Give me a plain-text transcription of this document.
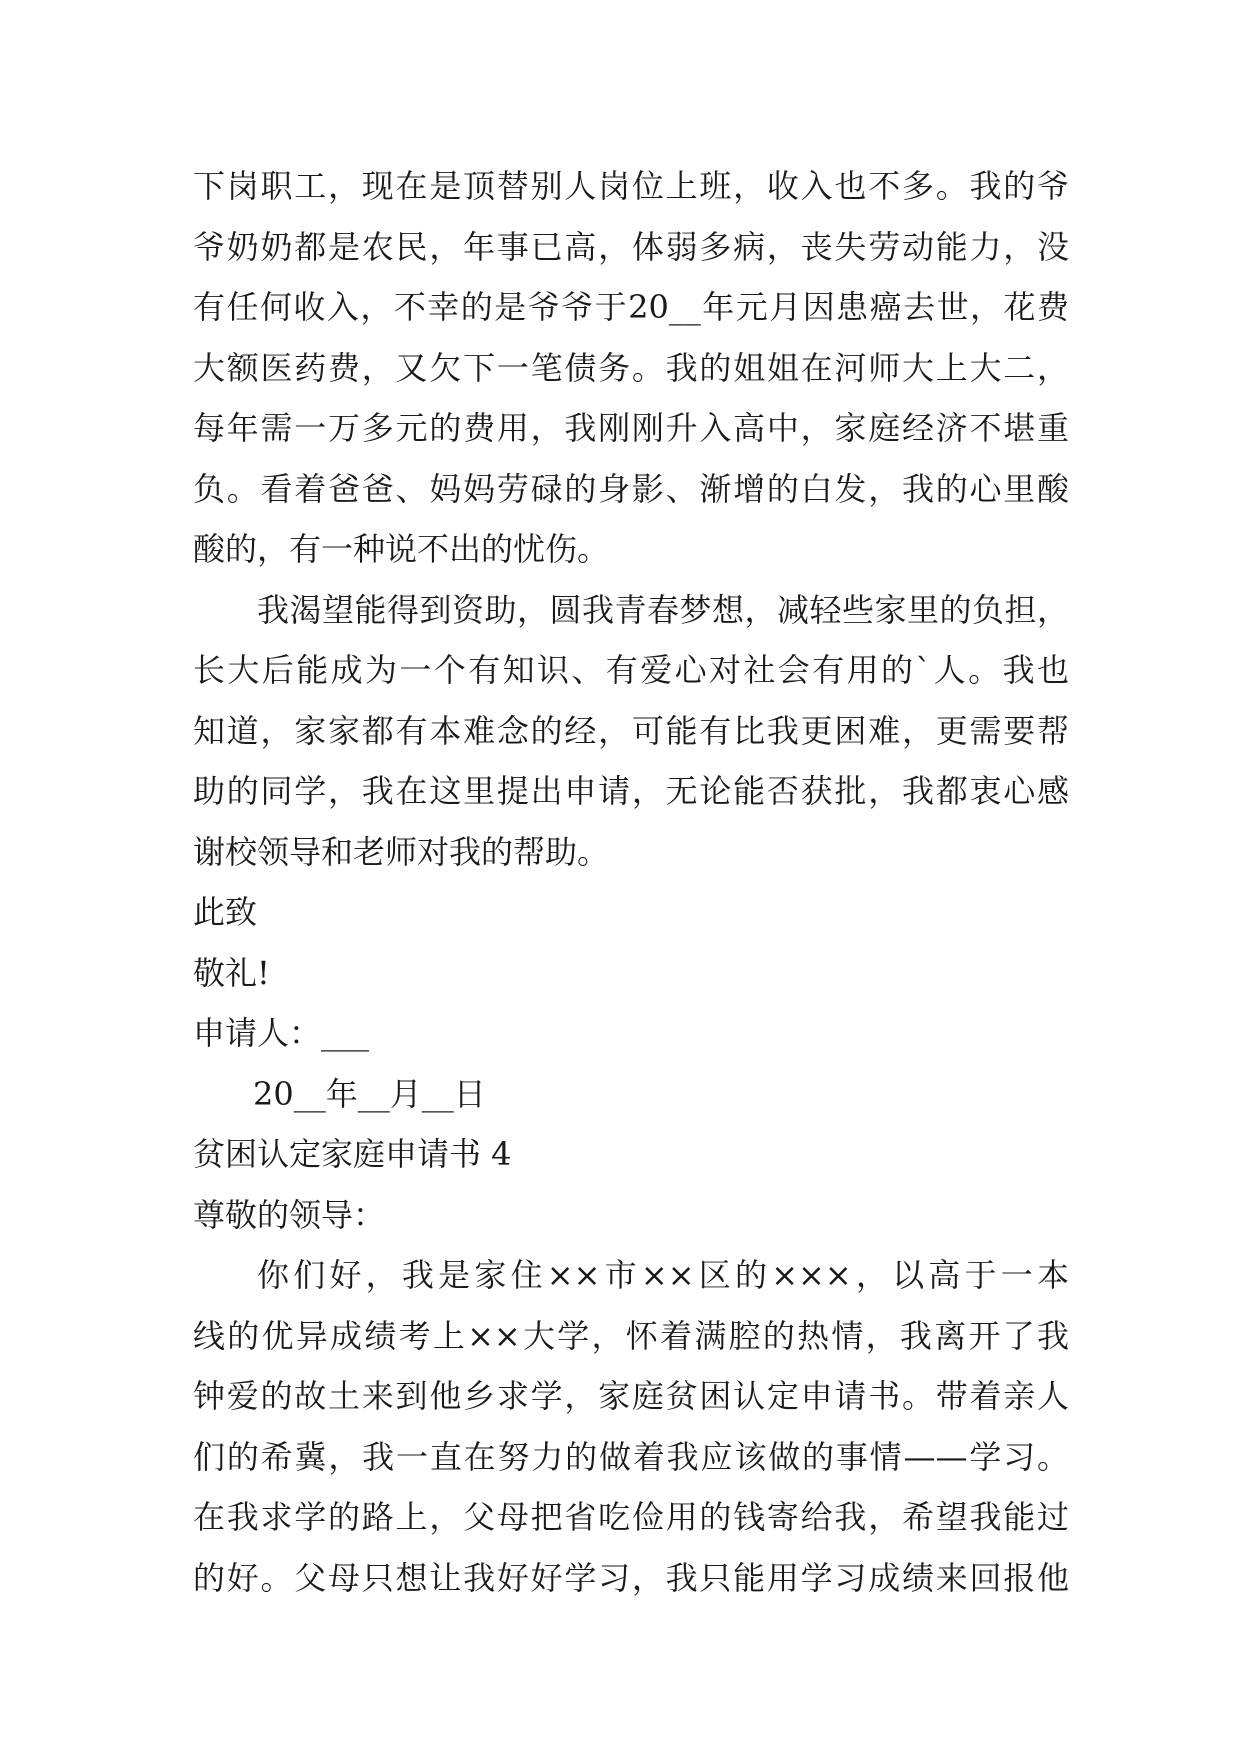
下岗职工，现在是顶替别人岗位上班，收入也不多。我的爷
爷奶奶都是农民，年事已高，体弱多病，丧失劳动能力，没
有任何收入，不幸的是爷爷于20__年元月因患癌去世，花费
大额医药费，又欠下一笔债务。我的姐姐在河师大上大二，
每年需一万多元的费用，我刚刚升入高中，家庭经济不堪重
负。看着爸爸、妈妈劳碌的身影、渐增的白发，我的心里酸
酸的，有一种说不出的忧伤。
我渴望能得到资助，圆我青春梦想，减轻些家里的负担，
长大后能成为一个有知识、有爱心对社会有用的`人。我也
知道，家家都有本难念的经，可能有比我更困难，更需要帮
助的同学，我在这里提出申请，无论能否获批，我都衷心感
谢校领导和老师对我的帮助。
此致
敬礼!
申请人：___
20__年__月__日
贫困认定家庭申请书 4
尊敬的领导：
你们好，我是家住××市××区的×××，以高于一本
线的优异成绩考上××大学，怀着满腔的热情，我离开了我
钟爱的故土来到他乡求学，家庭贫困认定申请书。带着亲人
们的希冀，我一直在努力的做着我应该做的事情——学习。
在我求学的路上，父母把省吃俭用的钱寄给我，希望我能过
的好。父母只想让我好好学习，我只能用学习成绩来回报他
